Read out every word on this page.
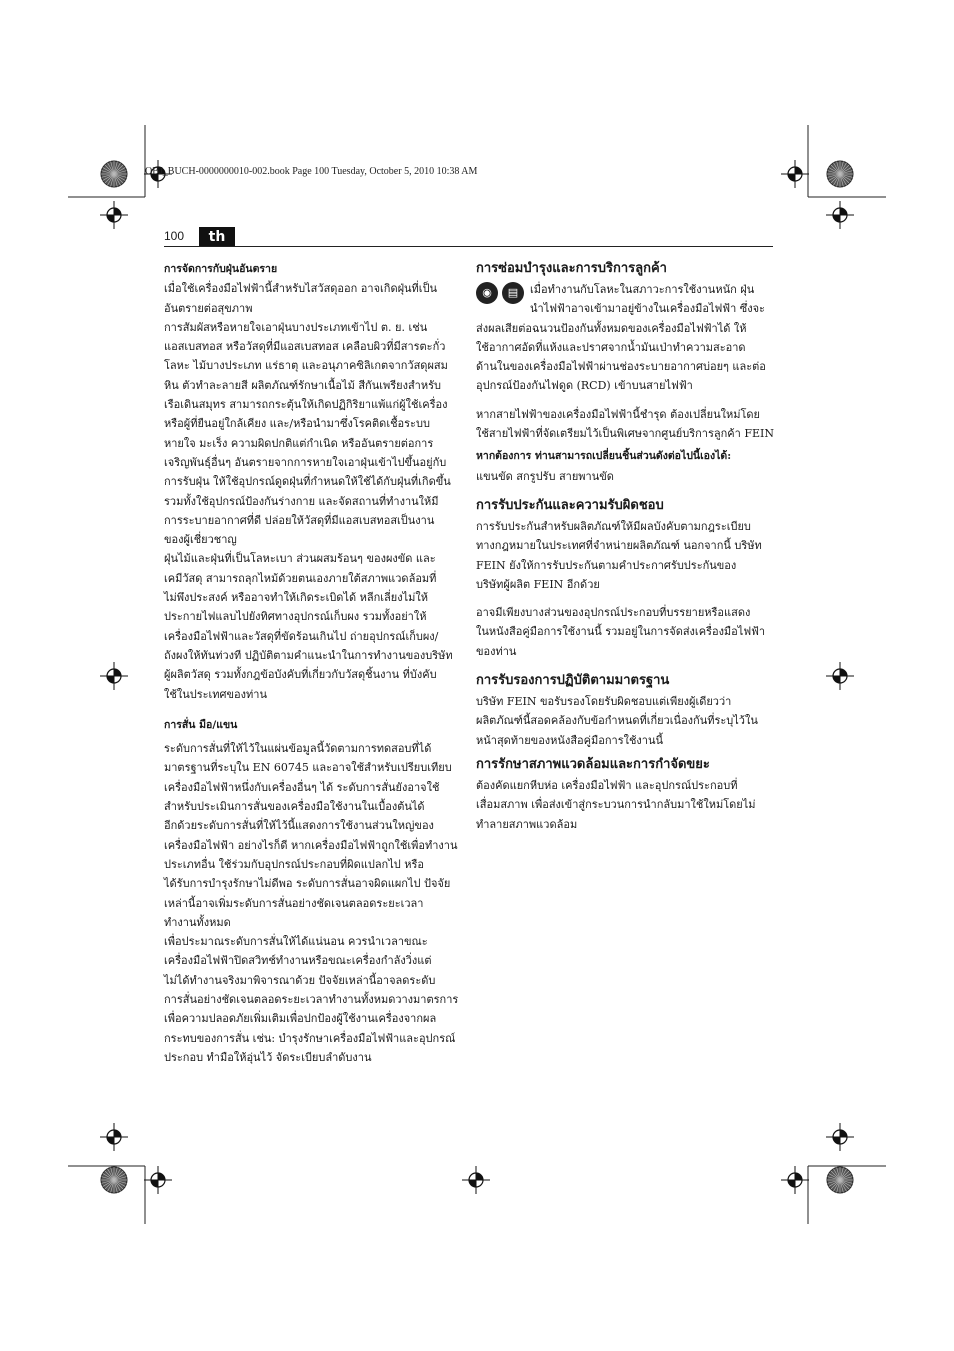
OBJ_BUCH-0000000010-002.book Page 100 Tuesday, October 5, 2010 10:38 AM
100	th

การจัดการกับฝุ่นอันตราย

เมื่อใช้เครื่องมือไฟฟ้านี้สำหรับไสวัสดุออก อาจเกิดฝุ่นที่เป็น

อันตรายต่อสุขภาพ

การสัมผัสหรือหายใจเอาฝุ่นบางประเภทเข้าไป ต. ย. เช่น

แอสเบสทอส หรือวัสดุที่มีแอสเบสทอส เคลือบผิวที่มีสารตะกั่ว

โลหะ ไม้บางประเภท แร่ธาตุ และอนุภาคซิลิเกตจากวัสดุผสม

หิน ตัวทำละลายสี ผลิตภัณฑ์รักษาเนื้อไม้ สีกันเพรียงสำหรับ

เรือเดินสมุทร สามารถกระตุ้นให้เกิดปฏิกิริยาแพ้แก่ผู้ใช้เครื่อง

หรือผู้ที่ยืนอยู่ใกล้เคียง และ/หรือนำมาซึ่งโรคติดเชื้อระบบ

หายใจ มะเร็ง ความผิดปกติแต่กำเนิด หรืออันตรายต่อการ

เจริญพันธุ์อื่นๆ อันตรายจากการหายใจเอาฝุ่นเข้าไปขึ้นอยู่กับ

การรับฝุ่น ให้ใช้อุปกรณ์ดูดฝุ่นที่กำหนดให้ใช้ได้กับฝุ่นที่เกิดขึ้น

รวมทั้งใช้อุปกรณ์ป้องกันร่างกาย และจัดสถานที่ทำงานให้มี

การระบายอากาศที่ดี ปล่อยให้วัสดุที่มีแอสเบสทอสเป็นงาน

ของผู้เชี่ยวชาญ

ฝุ่นไม้และฝุ่นที่เป็นโลหะเบา ส่วนผสมร้อนๆ ของผงขัด และ

เคมีวัสดุ สามารถลุกไหม้ด้วยตนเองภายใต้สภาพแวดล้อมที่

ไม่พึงประสงค์ หรืออาจทำให้เกิดระเบิดได้ หลีกเลี่ยงไม่ให้

ประกายไฟแลบไปยังทิศทางอุปกรณ์เก็บผง รวมทั้งอย่าให้

เครื่องมือไฟฟ้าและวัสดุที่ขัดร้อนเกินไป ถ่ายอุปกรณ์เก็บผง/

ถังผงให้ทันท่วงที ปฏิบัติตามคำแนะนำในการทำงานของบริษัท

ผู้ผลิตวัสดุ รวมทั้งกฎข้อบังคับที่เกี่ยวกับวัสดุชิ้นงาน ที่บังคับ

ใช้ในประเทศของท่าน

การสั่น มือ/แขน

ระดับการสั่นที่ให้ไว้ในแผ่นข้อมูลนี้วัดตามการทดสอบที่ได้

มาตรฐานที่ระบุใน EN 60745 และอาจใช้สำหรับเปรียบเทียบ

เครื่องมือไฟฟ้าหนึ่งกับเครื่องอื่นๆ ได้ ระดับการสั่นยังอาจใช้

สำหรับประเมินการสั่นของเครื่องมือใช้งานในเบื้องต้นได้

อีกด้วยระดับการสั่นที่ให้ไว้นี้แสดงการใช้งานส่วนใหญ่ของ

เครื่องมือไฟฟ้า อย่างไรก็ดี หากเครื่องมือไฟฟ้าถูกใช้เพื่อทำงาน

ประเภทอื่น ใช้ร่วมกับอุปกรณ์ประกอบที่ผิดแปลกไป หรือ

ได้รับการบำรุงรักษาไม่ดีพอ ระดับการสั่นอาจผิดแผกไป ปัจจัย

เหล่านี้อาจเพิ่มระดับการสั่นอย่างชัดเจนตลอดระยะเวลา

ทำงานทั้งหมด

เพื่อประมาณระดับการสั่นให้ได้แน่นอน ควรนำเวลาขณะ

เครื่องมือไฟฟ้าปิดสวิทช์ทำงานหรือขณะเครื่องกำลังวิ่งแต่

ไม่ได้ทำงานจริงมาพิจารณาด้วย ปัจจัยเหล่านี้อาจลดระดับ

การสั่นอย่างชัดเจนตลอดระยะเวลาทำงานทั้งหมดวางมาตรการ

เพื่อความปลอดภัยเพิ่มเติมเพื่อปกป้องผู้ใช้งานเครื่องจากผล

กระทบของการสั่น เช่น: บำรุงรักษาเครื่องมือไฟฟ้าและอุปกรณ์

ประกอบ ทำมือให้อุ่นไว้ จัดระเบียบลำดับงาน

การซ่อมบำรุงและการบริการลูกค้า

◉	▤	เมื่อทำงานกับโลหะในสภาวะการใช้งานหนัก ฝุ่น

นำไฟฟ้าอาจเข้ามาอยู่ข้างในเครื่องมือไฟฟ้า ซึ่งจะ

ส่งผลเสียต่อฉนวนป้องกันทั้งหมดของเครื่องมือไฟฟ้าได้ ให้

ใช้อากาศอัดที่แห้งและปราศจากน้ำมันเป่าทำความสะอาด

ด้านในของเครื่องมือไฟฟ้าผ่านช่องระบายอากาศบ่อยๆ และต่อ

อุปกรณ์ป้องกันไฟดูด (RCD) เข้าบนสายไฟฟ้า

หากสายไฟฟ้าของเครื่องมือไฟฟ้านี้ชำรุด ต้องเปลี่ยนใหม่โดย

ใช้สายไฟฟ้าที่จัดเตรียมไว้เป็นพิเศษจากศูนย์บริการลูกค้า FEIN

หากต้องการ ท่านสามารถเปลี่ยนชิ้นส่วนดังต่อไปนี้เองได้:

แขนขัด สกรูปรับ สายพานขัด

การรับประกันและความรับผิดชอบ

การรับประกันสำหรับผลิตภัณฑ์ให้มีผลบังคับตามกฎระเบียบ

ทางกฎหมายในประเทศที่จำหน่ายผลิตภัณฑ์ นอกจากนี้ บริษัท

FEIN ยังให้การรับประกันตามคำประกาศรับประกันของ

บริษัทผู้ผลิต FEIN อีกด้วย

อาจมีเพียงบางส่วนของอุปกรณ์ประกอบที่บรรยายหรือแสดง

ในหนังสือคู่มือการใช้งานนี้ รวมอยู่ในการจัดส่งเครื่องมือไฟฟ้า

ของท่าน

การรับรองการปฏิบัติตามมาตรฐาน

บริษัท FEIN ขอรับรองโดยรับผิดชอบแต่เพียงผู้เดียวว่า

ผลิตภัณฑ์นี้สอดคล้องกับข้อกำหนดที่เกี่ยวเนื่องกันที่ระบุไว้ใน

หน้าสุดท้ายของหนังสือคู่มือการใช้งานนี้

การรักษาสภาพแวดล้อมและการกำจัดขยะ

ต้องคัดแยกหีบห่อ เครื่องมือไฟฟ้า และอุปกรณ์ประกอบที่

เสื่อมสภาพ เพื่อส่งเข้าสู่กระบวนการนำกลับมาใช้ใหม่โดยไม่

ทำลายสภาพแวดล้อม
